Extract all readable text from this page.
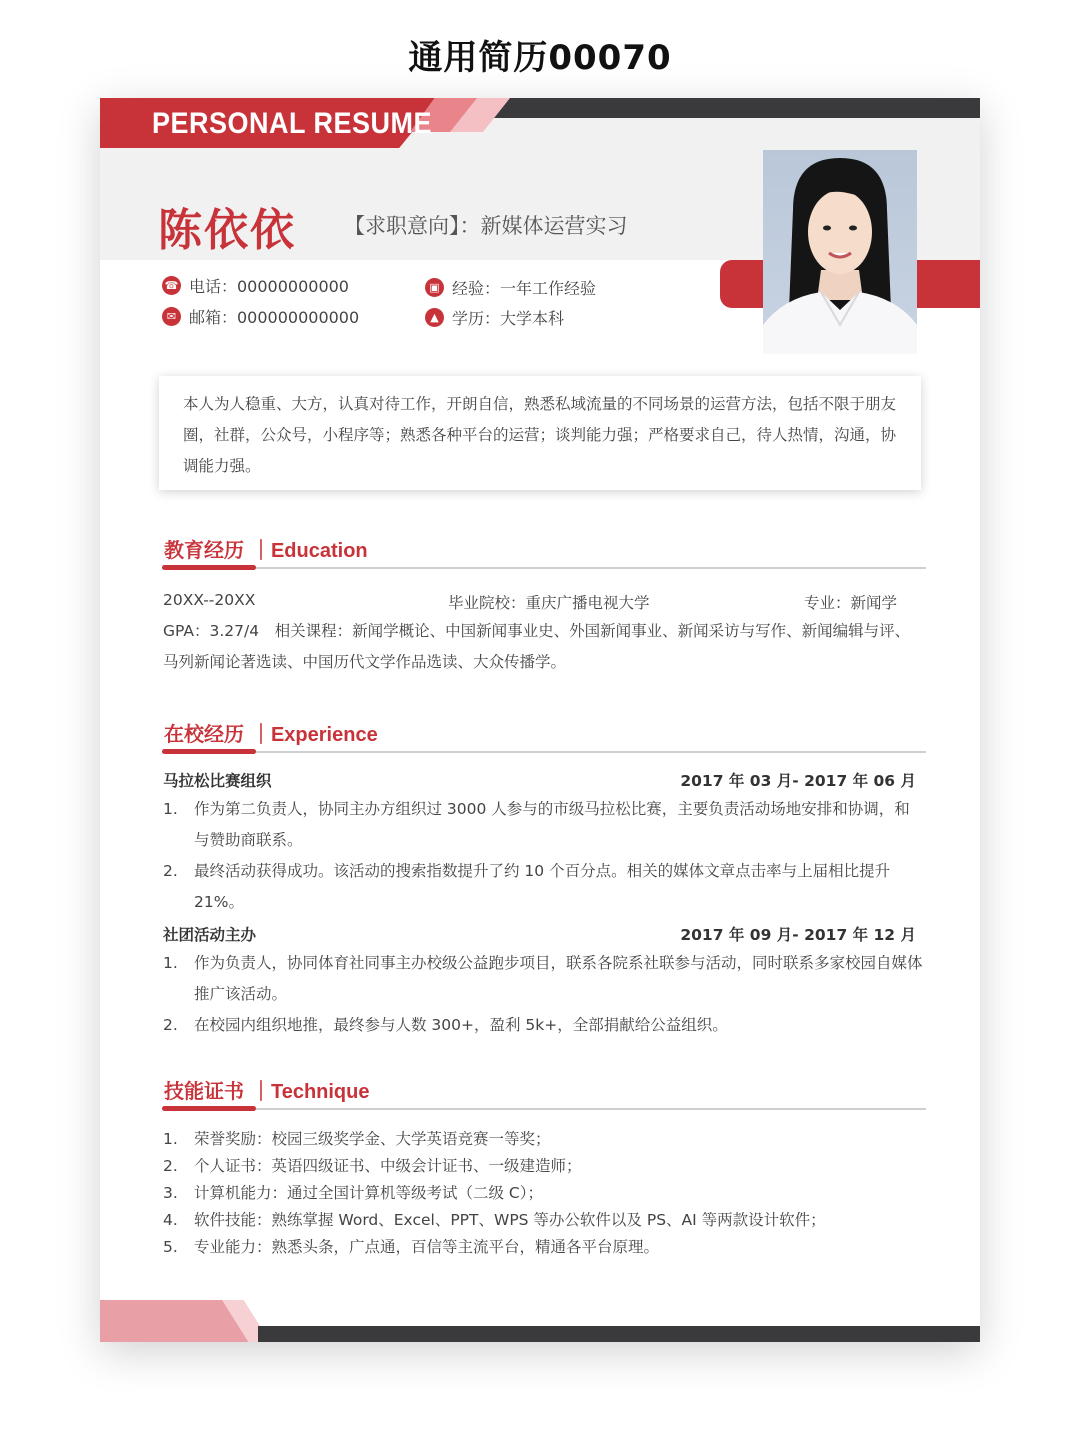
通用简历00070
PERSONAL RESUME
陈依依 【求职意向】：新媒体运营实习
☎ 电话：00000000000
✉ 邮箱：000000000000
▣ 经验：一年工作经验
▲ 学历：大学本科
本人为人稳重、大方，认真对待工作，开朗自信，熟悉私域流量的不同场景的运营方法，包括不限于朋友圈，社群，公众号，小程序等；熟悉各种平台的运营；谈判能力强；严格要求自己，待人热情，沟通，协调能力强。
教育经历 ｜Education
20XX--20XX	毕业院校：重庆广播电视大学	专业：新闻学
GPA：3.27/4　相关课程：新闻学概论、中国新闻事业史、外国新闻事业、新闻采访与写作、新闻编辑与评、马列新闻论著选读、中国历代文学作品选读、大众传播学。
在校经历 ｜Experience
马拉松比赛组织	2017 年 03 月- 2017 年 06 月
1.	作为第二负责人，协同主办方组织过 3000 人参与的市级马拉松比赛，主要负责活动场地安排和协调，和与赞助商联系。
2.	最终活动获得成功。该活动的搜索指数提升了约 10 个百分点。相关的媒体文章点击率与上届相比提升 21%。
社团活动主办	2017 年 09 月- 2017 年 12 月
1.	作为负责人，协同体育社同事主办校级公益跑步项目，联系各院系社联参与活动，同时联系多家校园自媒体推广该活动。
2.	在校园内组织地推，最终参与人数 300+，盈利 5k+，全部捐献给公益组织。
技能证书 ｜Technique
1.	荣誉奖励：校园三级奖学金、大学英语竞赛一等奖；
2.	个人证书：英语四级证书、中级会计证书、一级建造师；
3.	计算机能力：通过全国计算机等级考试（二级 C）；
4.	软件技能：熟练掌握 Word、Excel、PPT、WPS 等办公软件以及 PS、AI 等两款设计软件；
5.	专业能力：熟悉头条，广点通，百信等主流平台，精通各平台原理。
